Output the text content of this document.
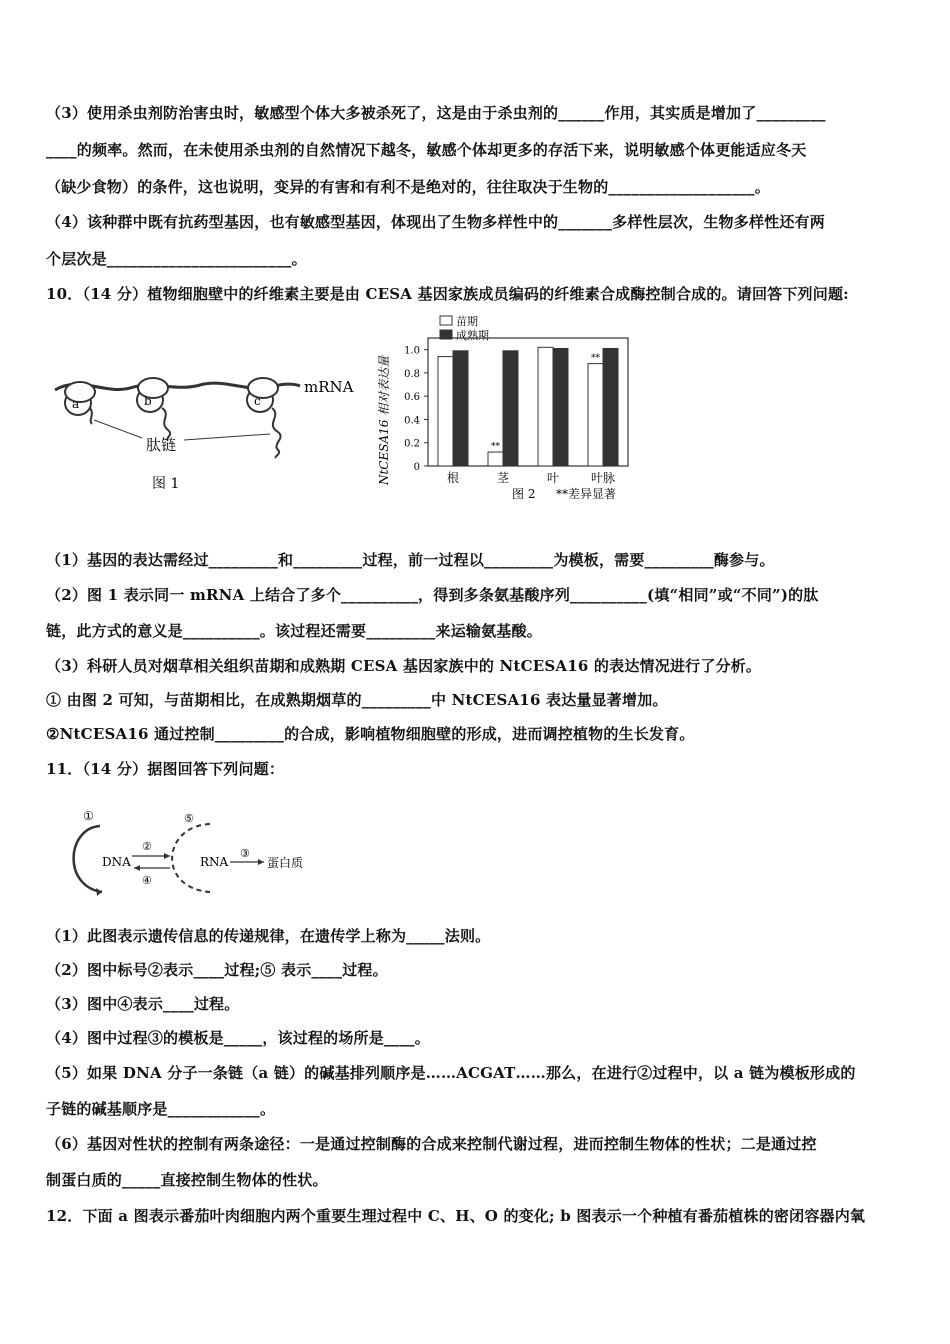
（3）使用杀虫剂防治害虫时，敏感型个体大多被杀死了，这是由于杀虫剂的______作用，其实质是增加了_________
____的频率。然而，在未使用杀虫剂的自然情况下越冬，敏感个体却更多的存活下来，说明敏感个体更能适应冬天
（缺少食物）的条件，这也说明，变异的有害和有利不是绝对的，往往取决于生物的___________________。
（4）该种群中既有抗药型基因，也有敏感型基因，体现出了生物多样性中的_______多样性层次，生物多样性还有两
个层次是________________________。
10．（14 分）植物细胞壁中的纤维素主要是由 CESA 基因家族成员编码的纤维素合成酶控制合成的。请回答下列问题:
a	b	c
mRNA
肽链
图 1
苗期
成熟期
0
0.2
0.4
0.6
0.8
1.0
根	茎	叶	叶脉
**
**
NtCESA16 相对表达量
图 2 **差异显著
（1）基因的表达需经过_________和_________过程，前一过程以_________为模板，需要_________酶参与。
（2）图 1 表示同一 mRNA 上结合了多个__________，得到多条氨基酸序列__________(填“相同”或“不同”)的肽
链，此方式的意义是__________。该过程还需要_________来运输氨基酸。
（3）科研人员对烟草相关组织苗期和成熟期 CESA 基因家族中的 NtCESA16 的表达情况进行了分析。
① 由图 2 可知，与苗期相比，在成熟期烟草的_________中 NtCESA16 表达量显著增加。
②NtCESA16 通过控制_________的合成，影响植物细胞壁的形成，进而调控植物的生长发育。
11．（14 分）据图回答下列问题：
①
DNA
②
④
⑤
RNA
③
蛋白质
（1）此图表示遗传信息的传递规律，在遗传学上称为_____法则。
（2）图中标号②表示____过程;⑤ 表示____过程。
（3）图中④表示____过程。
（4）图中过程③的模板是_____，该过程的场所是____。
（5）如果 DNA 分子一条链（a 链）的碱基排列顺序是……ACGAT……那么，在进行②过程中，以 a 链为模板形成的
子链的碱基顺序是____________。
（6）基因对性状的控制有两条途径：一是通过控制酶的合成来控制代谢过程，进而控制生物体的性状；二是通过控
制蛋白质的_____直接控制生物体的性状。
12．下面 a 图表示番茄叶肉细胞内两个重要生理过程中 C、H、O 的变化; b 图表示一个种植有番茄植株的密闭容器内氧
